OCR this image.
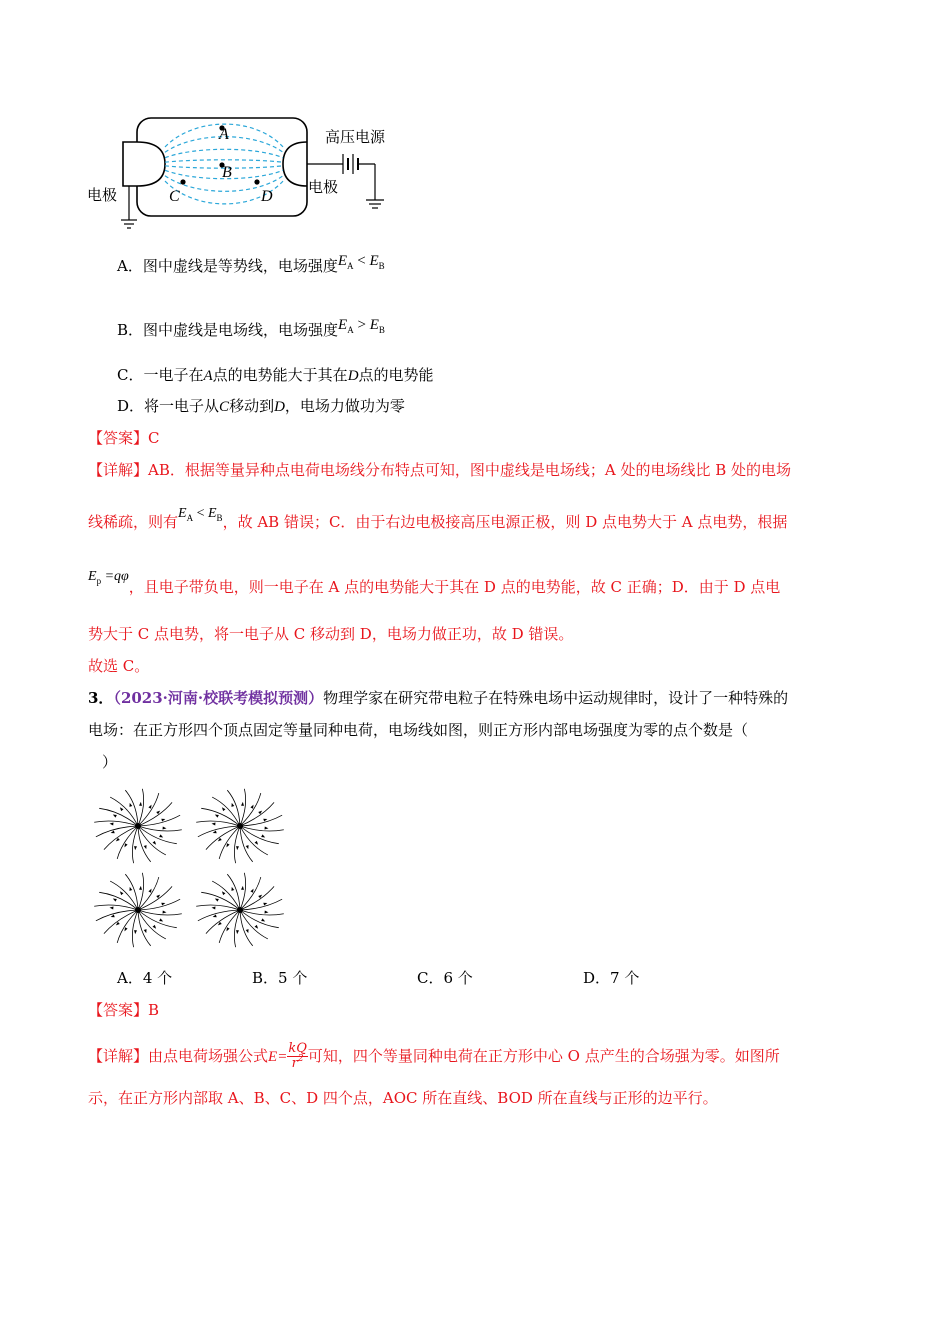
A
B
C	D
高压电源
电极	电极
A．图中虚线是等势线，电场强度$E_A < E_B$
B．图中虚线是电场线，电场强度$E_A > E_B$
C．一电子在A点的电势能大于其在D点的电势能
D．将一电子从C移动到D，电场力做功为零
【答案】C
【详解】AB．根据等量异种点电荷电场线分布特点可知，图中虚线是电场线；A 处的电场线比 B 处的电场
线稀疏，则有$E_A < E_B$，故 AB 错误；C．由于右边电极接高压电源正极，则 D 点电势大于 A 点电势，根据
$E_p =q\varphi$，且电子带负电，则一电子在 A 点的电势能大于其在 D 点的电势能，故 C 正确；D．由于 D 点电
势大于 C 点电势，将一电子从 C 移动到 D，电场力做正功，故 D 错误。
故选 C。
3．（2023·河南·校联考模拟预测）物理学家在研究带电粒子在特殊电场中运动规律时，设计了一种特殊的
电场：在正方形四个顶点固定等量同种电荷，电场线如图，则正方形内部电场强度为零的点个数是（
）
A．4 个	B．5 个	C．6 个	D．7 个
【答案】B
【详解】由点电荷场强公式$E= \frac{kQ}{r^2}$ 可知，四个等量同种电荷在正方形中心 O 点产生的合场强为零。如图所
示，在正方形内部取 A、B、C、D 四个点，AOC 所在直线、BOD 所在直线与正形的边平行。
